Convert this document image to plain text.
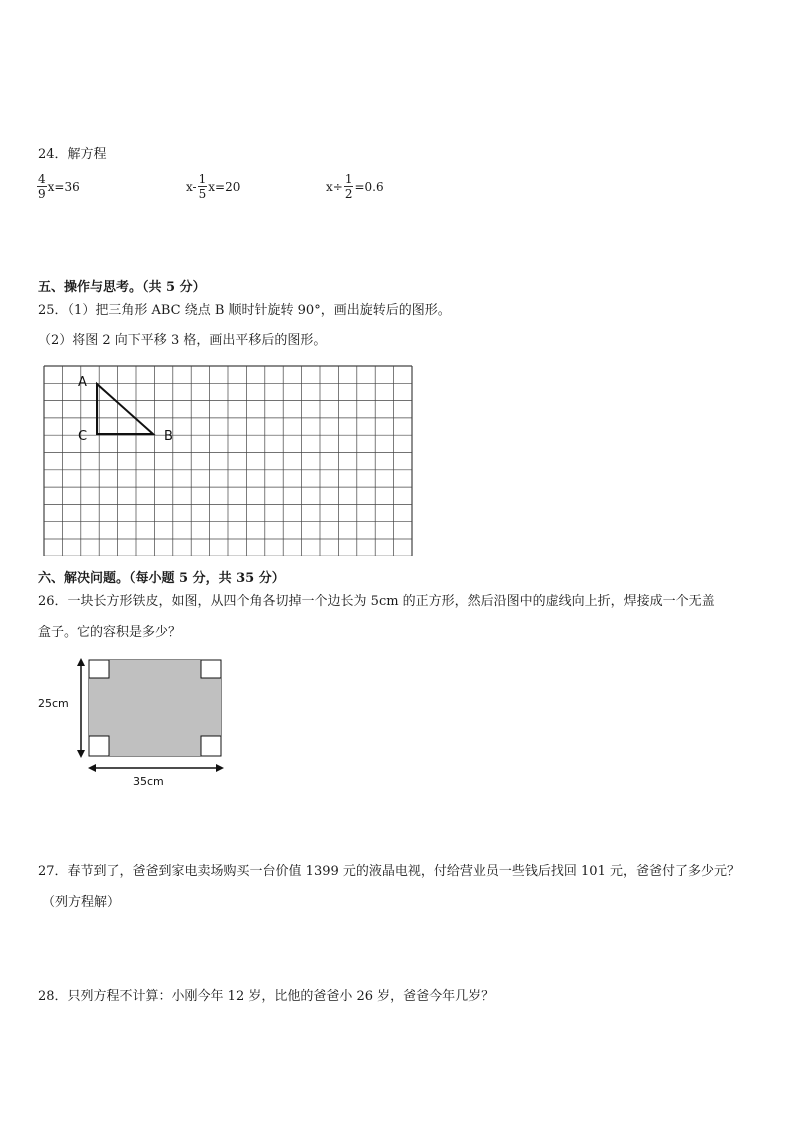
24．解方程
$\frac{4}{9} x=36$	$x- \frac{1}{5} x=20$	$x\div \frac{1}{2} =0.6$
五、操作与思考。（共 5 分）
25．（1）把三角形 ABC 绕点 B 顺时针旋转 90°，画出旋转后的图形。
（2）将图 2 向下平移 3 格，画出平移后的图形。
A
C	B
六、解决问题。（每小题 5 分，共 35 分）
26．一块长方形铁皮，如图，从四个角各切掉一个边长为 5cm 的正方形，然后沿图中的虚线向上折，焊接成一个无盖
盒子。它的容积是多少？
25cm
35cm
27．春节到了，爸爸到家电卖场购买一台价值 1399 元的液晶电视，付给营业员一些钱后找回 101 元，爸爸付了多少元？
（列方程解）
28．只列方程不计算：小刚今年 12 岁，比他的爸爸小 26 岁，爸爸今年几岁？
